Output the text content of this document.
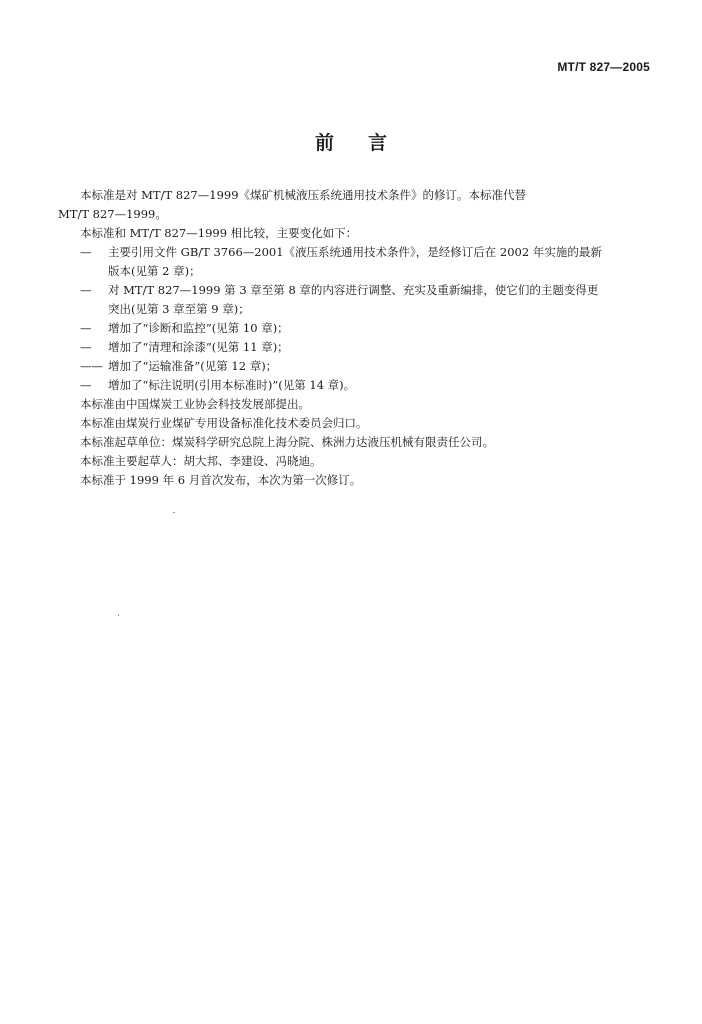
MT/T 827—2005
前言

本标准是对 MT/T 827—1999《煤矿机械液压系统通用技术条件》的修订。本标准代替

MT/T 827—1999。

本标准和 MT/T 827—1999 相比较，主要变化如下：

—	主要引用文件 GB/T 3766—2001《液压系统通用技术条件》，是经修订后在 2002 年实施的最新
版本(见第 2 章)；
—	对 MT/T 827—1999 第 3 章至第 8 章的内容进行调整、充实及重新编排，使它们的主题变得更
突出(见第 3 章至第 9 章)；
—	增加了“诊断和监控”(见第 10 章)；
—	增加了“清理和涂漆”(见第 11 章)；
—— 增加了“运输准备”(见第 12 章)；
—	增加了“标注说明(引用本标准时)”(见第 14 章)。

本标准由中国煤炭工业协会科技发展部提出。

本标准由煤炭行业煤矿专用设备标准化技术委员会归口。

本标准起草单位：煤炭科学研究总院上海分院、株洲力达液压机械有限责任公司。

本标准主要起草人：胡大邦、李建设、冯晓迪。

本标准于 1999 年 6 月首次发布，本次为第一次修订。
